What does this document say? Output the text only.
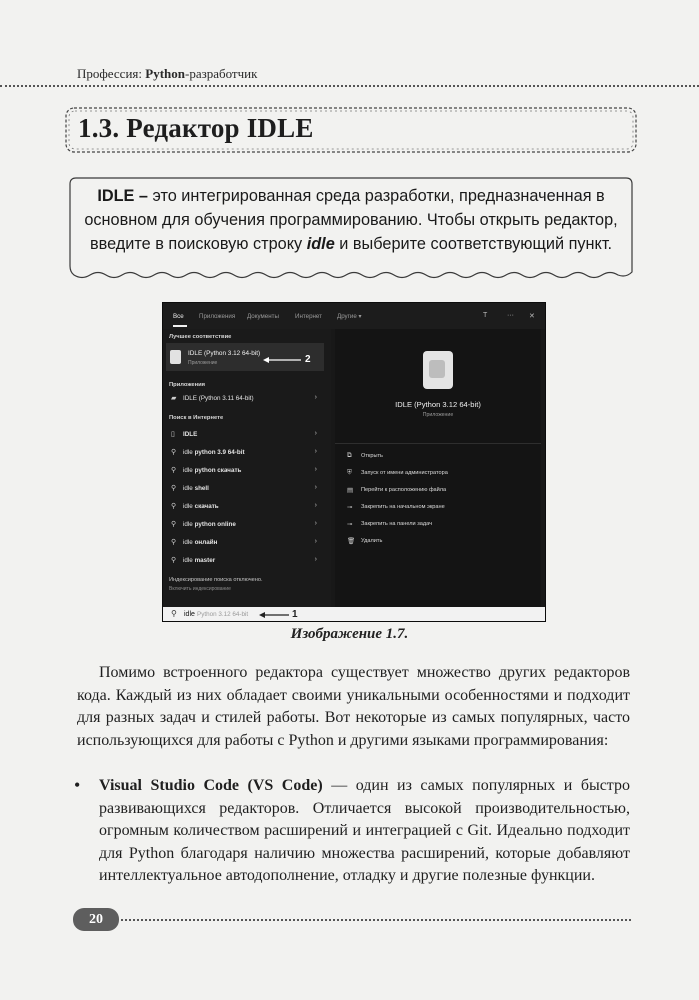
Профессия: Python-разработчик
1.3. Редактор IDLE
IDLE – это интегрированная среда разработки, предназначенная в основном для обучения программированию. Чтобы открыть редактор, введите в поисковую строку idle и выберите соответствующий пункт.
Все Приложения Документы	Интернет Другие ▾	T	··· ✕
Лучшее соответствие
IDLE (Python 3.12 64-bit)
Приложение	2
Приложения
▰ IDLE (Python 3.11 64-bit)	›
Поиск в Интернете
▯ IDLE	›
⚲ idle python 3.9 64-bit	›
⚲ idle python скачать	›
⚲ idle shell	›
⚲ idle скачать	›
⚲ idle python online	›
⚲ idle онлайн	›
⚲ idle master	›
Индексирование поиска отключено.
Включить индексирование
IDLE (Python 3.12 64-bit)
Приложение
⧉ Открыть
⛨ Запуск от имени администратора
▤ Перейти к расположению файла
⊸ Закрепить на начальном экране
⊸ Закрепить на панели задач
🗑 Удалить
⚲ idle Python 3.12 64-bit	1
Изображение 1.7.
Помимо встроенного редактора существует множество других редакторов кода. Каждый из них обладает своими уникальными особенностями и подходит для разных задач и стилей работы. Вот некоторые из самых популярных, часто использующихся для работы с Python и другими языками программирования:
• Visual Studio Code (VS Code) — один из самых популярных и быстро развивающихся редакторов. Отличается высокой производительностью, огромным количеством расширений и интеграцией с Git. Идеально подходит для Python благодаря наличию множества расширений, которые добавляют интеллектуальное автодополнение, отладку и другие полезные функции.
20
